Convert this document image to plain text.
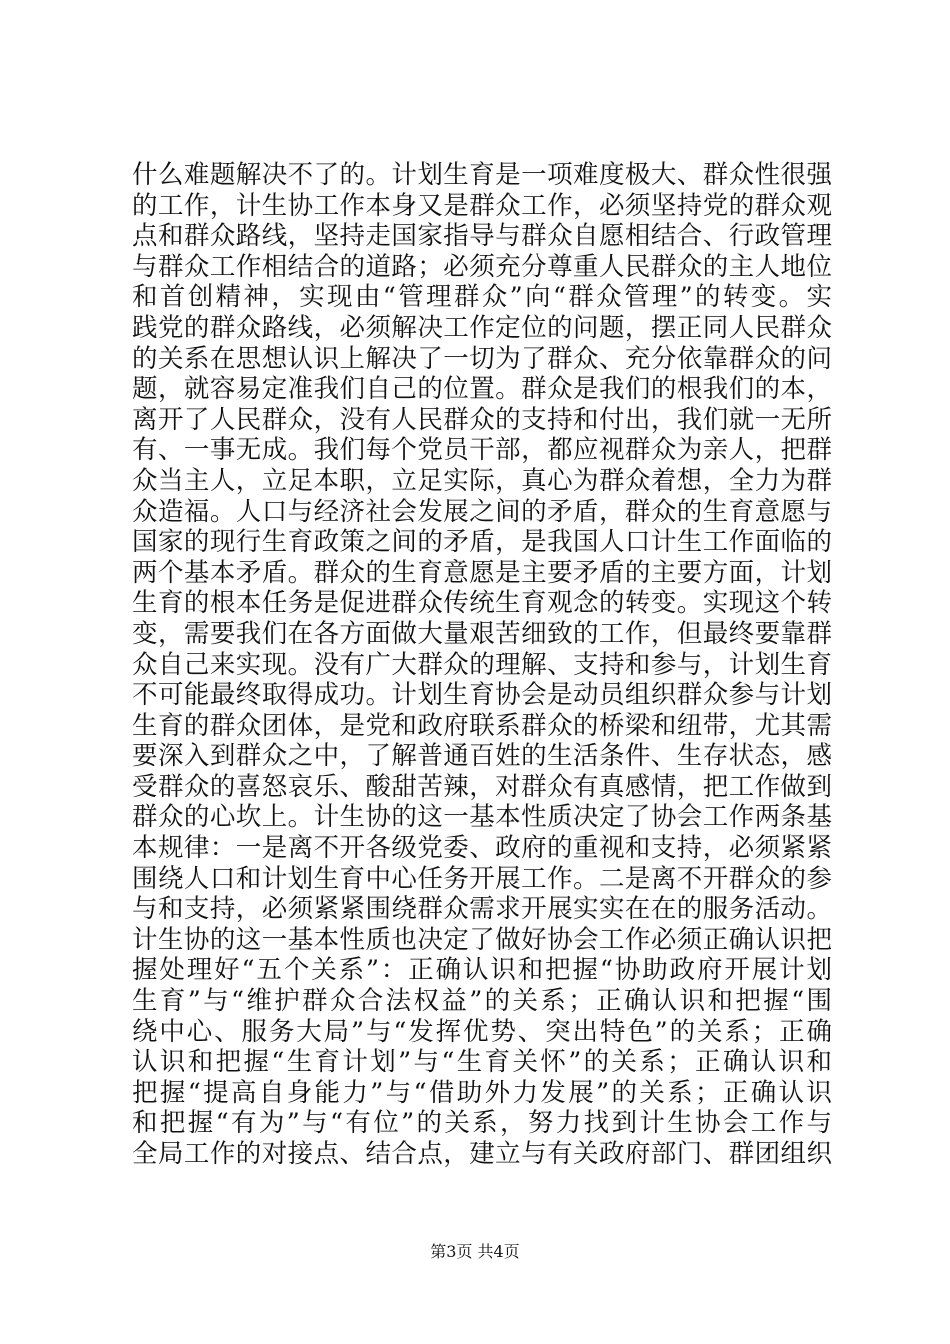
什么难题解决不了的。计划生育是一项难度极大、群众性很强
的工作，计生协工作本身又是群众工作，必须坚持党的群众观
点和群众路线，坚持走国家指导与群众自愿相结合、行政管理
与群众工作相结合的道路；必须充分尊重人民群众的主人地位
和首创精神，实现由“管理群众”向“群众管理”的转变。实
践党的群众路线，必须解决工作定位的问题，摆正同人民群众
的关系在思想认识上解决了一切为了群众、充分依靠群众的问
题，就容易定准我们自己的位置。群众是我们的根我们的本，
离开了人民群众，没有人民群众的支持和付出，我们就一无所
有、一事无成。我们每个党员干部，都应视群众为亲人，把群
众当主人，立足本职，立足实际，真心为群众着想，全力为群
众造福。人口与经济社会发展之间的矛盾，群众的生育意愿与
国家的现行生育政策之间的矛盾，是我国人口计生工作面临的
两个基本矛盾。群众的生育意愿是主要矛盾的主要方面，计划
生育的根本任务是促进群众传统生育观念的转变。实现这个转
变，需要我们在各方面做大量艰苦细致的工作，但最终要靠群
众自己来实现。没有广大群众的理解、支持和参与，计划生育
不可能最终取得成功。计划生育协会是动员组织群众参与计划
生育的群众团体，是党和政府联系群众的桥梁和纽带，尤其需
要深入到群众之中，了解普通百姓的生活条件、生存状态，感
受群众的喜怒哀乐、酸甜苦辣，对群众有真感情，把工作做到
群众的心坎上。计生协的这一基本性质决定了协会工作两条基
本规律：一是离不开各级党委、政府的重视和支持，必须紧紧
围绕人口和计划生育中心任务开展工作。二是离不开群众的参
与和支持，必须紧紧围绕群众需求开展实实在在的服务活动。
计生协的这一基本性质也决定了做好协会工作必须正确认识把
握处理好“五个关系”：正确认识和把握“协助政府开展计划
生育”与“维护群众合法权益”的关系；正确认识和把握“围
绕中心、服务大局”与“发挥优势、突出特色”的关系；正确
认识和把握“生育计划”与“生育关怀”的关系；正确认识和
把握“提高自身能力”与“借助外力发展”的关系；正确认识
和把握“有为”与“有位”的关系，努力找到计生协会工作与
全局工作的对接点、结合点，建立与有关政府部门、群团组织
第3页 共4页
